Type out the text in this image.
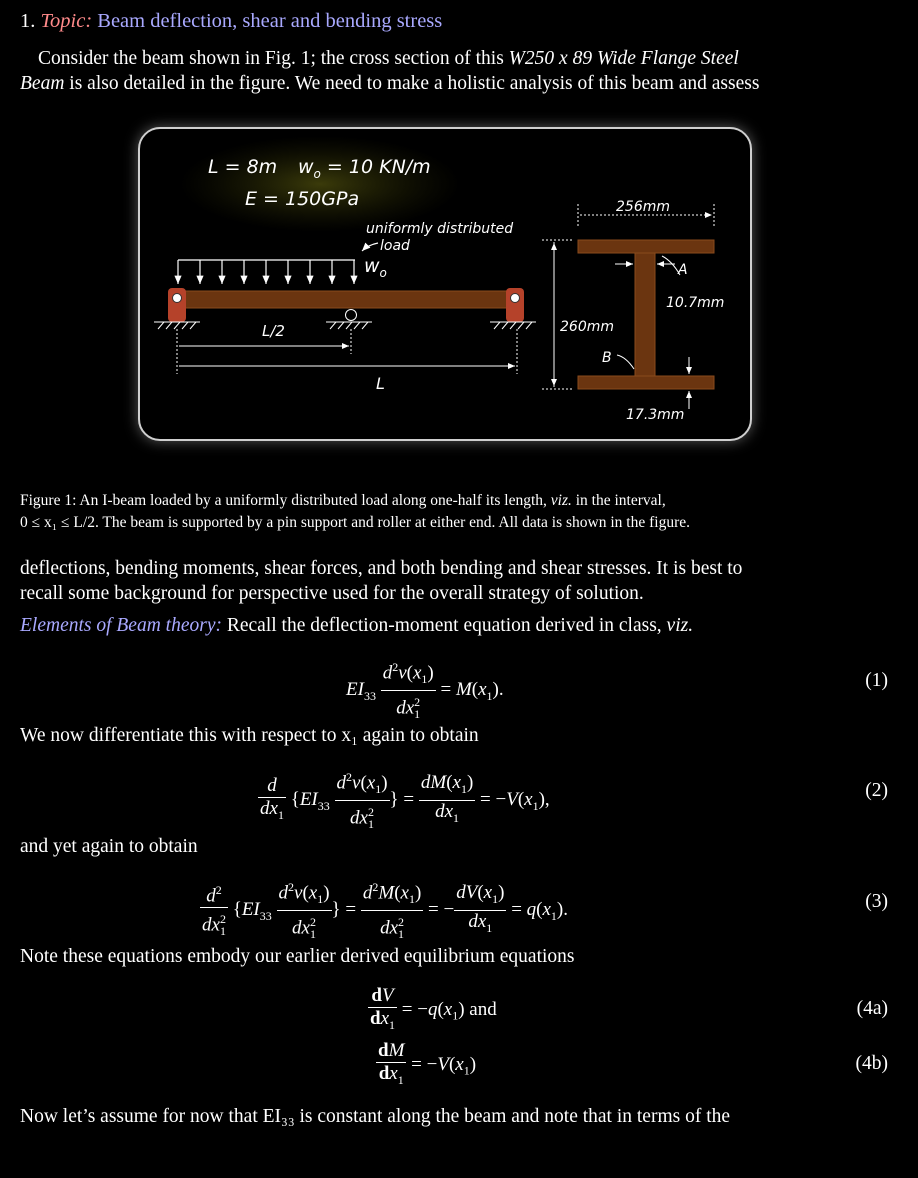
1. Topic: Beam deflection, shear and bending stress
Consider the beam shown in Fig. 1; the cross section of this W250 x 89 Wide Flange Steel
Beam is also detailed in the figure. We need to make a holistic analysis of this beam and assess
L = 8m $w_o = 10$ KN/m
E = 150GPa
uniformly distributed
load
$w_o$
L/2
L
256mm
260mm
10.7mm
A
B
17.3mm
Figure 1: An I-beam loaded by a uniformly distributed load along one-half its length, viz. in the interval,
0 ≤ x₁ ≤ L/2. The beam is supported by a pin support and roller at either end. All data is shown in the figure.
deflections, bending moments, shear forces, and both bending and shear stresses. It is best to
recall some background for perspective used for the overall strategy of solution.
Elements of Beam theory: Recall the deflection-moment equation derived in class, viz.
$EI_{33} \frac{d^2v(x_1)}{dx^2_1} = M(x_1)$.	(1)
We now differentiate this with respect to x₁ again to obtain
$\frac{d}{dx_1} \{EI_{33} \frac{d^2v(x_1)}{dx^2_1}$ } = $\frac{dM(x_1)}{dx_1} = -V(x_1)$,	(2)
and yet again to obtain
$\frac{d^2}{dx^2_1} \{EI_{33} \frac{d^2v(x_1)}{dx^2_1}$ } = $\frac{d^2M(x_1)}{dx^2_1}$ = − $\frac{dV(x_1)}{dx_1} = q(x_1)$.	(3)
Note these equations embody our earlier derived equilibrium equations
$\frac{dV}{dx_1} = -q(x_1)$ and	(4a)
$\frac{dM}{dx_1} = -V(x_1)$	(4b)
Now let’s assume for now that EI₃₃ is constant along the beam and note that in terms of the
